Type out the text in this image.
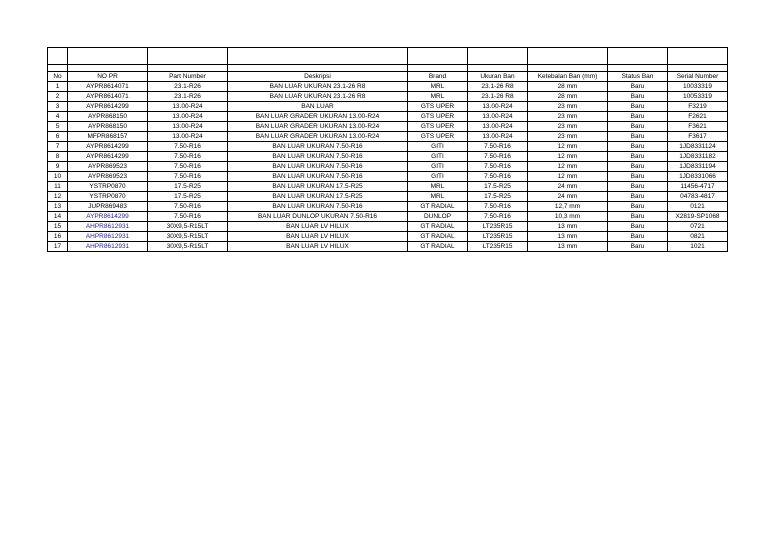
No	NO PR	Part Number	Deskripsi	Brand	Ukuran Ban	Ketebalan Ban (mm)	Status Ban	Serial Number
1	AYPR8614071	23.1-R26	BAN LUAR UKURAN 23.1-26 R8	MRL	23.1-26 R8	28 mm	Baru	10033319
2	AYPR8614071	23.1-R26	BAN LUAR UKURAN 23.1-26 R8	MRL	23.1-26 R8	28 mm	Baru	10053319
3	AYPR8614299	13.00-R24	BAN LUAR	GTS UPER	13.00-R24	23 mm	Baru	F3219
4	AYPR868150	13.00-R24	BAN LUAR GRADER UKURAN 13.00-R24	GTS UPER	13.00-R24	23 mm	Baru	F2621
5	AYPR868150	13.00-R24	BAN LUAR GRADER UKURAN 13.00-R24	GTS UPER	13.00-R24	23 mm	Baru	F3621
6	MFPR868157	13.00-R24	BAN LUAR GRADER UKURAN 13.00-R24	GTS UPER	13.00-R24	23 mm	Baru	F3617
7	AYPR8614299	7.50-R16	BAN LUAR UKURAN 7.50-R16	GITI	7.50-R16	12 mm	Baru	1JD8331124
8	AYPR8614299	7.50-R16	BAN LUAR UKURAN 7.50-R16	GITI	7.50-R16	12 mm	Baru	1JD8331182
9	AYPR869523	7.50-R16	BAN LUAR UKURAN 7.50-R16	GITI	7.50-R16	12 mm	Baru	1JD8331194
10	AYPR869523	7.50-R16	BAN LUAR UKURAN 7.50-R16	GITI	7.50-R16	12 mm	Baru	1JD8331066
11	YSTRP0870	17.5-R25	BAN LUAR UKURAN 17.5-R25	MRL	17.5-R25	24 mm	Baru	11456-4717
12	YSTRP0870	17.5-R25	BAN LUAR UKURAN 17.5-R25	MRL	17.5-R25	24 mm	Baru	04783-4817
13	JUPR869483	7.50-R16	BAN LUAR UKURAN 7.50-R16	GT RADIAL	7.50-R16	12,7 mm	Baru	0121
14	AYPR8614299	7.50-R16	BAN LUAR DUNLOP UKURAN 7.50-R16	DUNLOP	7.50-R16	10,3 mm	Baru	X2819-SP1068
15	AHPR8612931	30X9,5-R15LT	BAN LUAR LV HILUX	GT RADIAL	LT235R15	13 mm	Baru	0721
16	AHPR8612931	30X9,5-R15LT	BAN LUAR LV HILUX	GT RADIAL	LT235R15	13 mm	Baru	0821
17	AHPR8612931	30X9,5-R15LT	BAN LUAR LV HILUX	GT RADIAL	LT235R15	13 mm	Baru	1021
